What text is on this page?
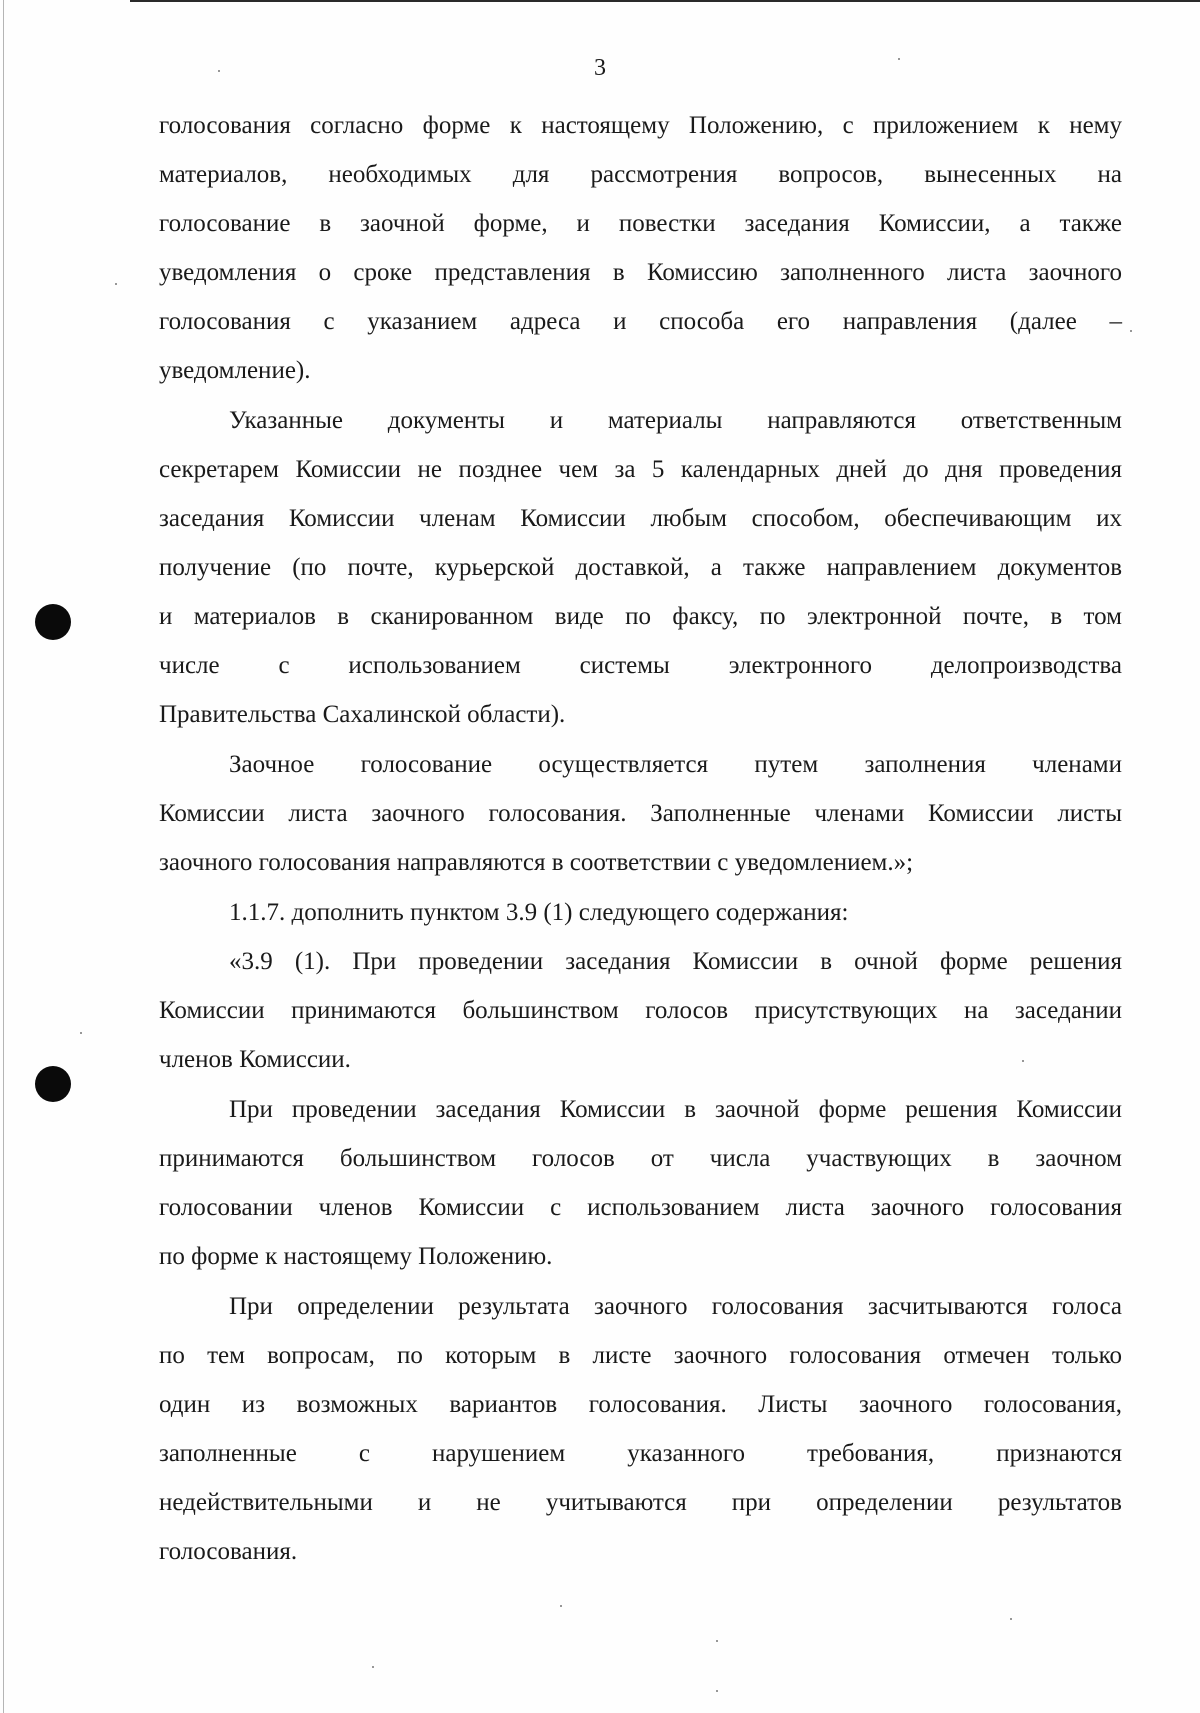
3
голосования согласно форме к настоящему Положению, с приложением к нему
материалов, необходимых для рассмотрения вопросов, вынесенных на
голосование в заочной форме, и повестки заседания Комиссии, а также
уведомления о сроке представления в Комиссию заполненного листа заочного
голосования с указанием адреса и способа его направления (далее –
уведомление).
Указанные документы и материалы направляются ответственным
секретарем Комиссии не позднее чем за 5 календарных дней до дня проведения
заседания Комиссии членам Комиссии любым способом, обеспечивающим их
получение (по почте, курьерской доставкой, а также направлением документов
и материалов в сканированном виде по факсу, по электронной почте, в том
числе с использованием системы электронного делопроизводства
Правительства Сахалинской области).
Заочное голосование осуществляется путем заполнения членами
Комиссии листа заочного голосования. Заполненные членами Комиссии листы
заочного голосования направляются в соответствии с уведомлением.»;
1.1.7. дополнить пунктом 3.9 (1) следующего содержания:
«3.9 (1). При проведении заседания Комиссии в очной форме решения
Комиссии принимаются большинством голосов присутствующих на заседании
членов Комиссии.
При проведении заседания Комиссии в заочной форме решения Комиссии
принимаются большинством голосов от числа участвующих в заочном
голосовании членов Комиссии с использованием листа заочного голосования
по форме к настоящему Положению.
При определении результата заочного голосования засчитываются голоса
по тем вопросам, по которым в листе заочного голосования отмечен только
один из возможных вариантов голосования. Листы заочного голосования,
заполненные с нарушением указанного требования, признаются
недействительными и не учитываются при определении результатов
голосования.
